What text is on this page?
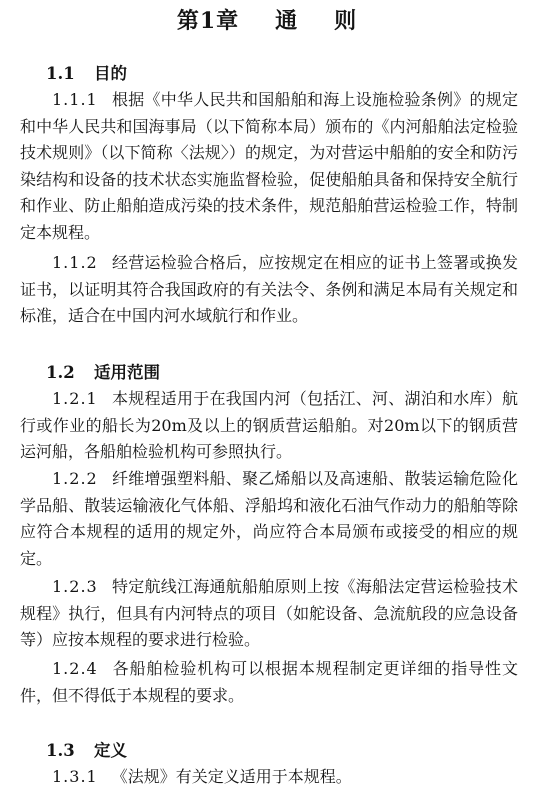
第1章 通 则
1.1 目的

1.1.1 根据《中华人民共和国船舶和海上设施检验条例》的规定和中华人民共和国海事局（以下简称本局）颁布的《内河船舶法定检验技术规则》（以下简称〈法规〉）的规定，为对营运中船舶的安全和防污染结构和设备的技术状态实施监督检验，促使船舶具备和保持安全航行和作业、防止船舶造成污染的技术条件，规范船舶营运检验工作，特制定本规程。

1.1.2 经营运检验合格后，应按规定在相应的证书上签署或换发证书，以证明其符合我国政府的有关法令、条例和满足本局有关规定和标准，适合在中国内河水域航行和作业。

1.2 适用范围

1.2.1 本规程适用于在我国内河（包括江、河、湖泊和水库）航行或作业的船长为20m及以上的钢质营运船舶。对20m以下的钢质营运河船，各船舶检验机构可参照执行。

1.2.2 纤维增强塑料船、聚乙烯船以及高速船、散装运输危险化学品船、散装运输液化气体船、浮船坞和液化石油气作动力的船舶等除应符合本规程的适用的规定外，尚应符合本局颁布或接受的相应的规定。

1.2.3 特定航线江海通航船舶原则上按《海船法定营运检验技术规程》执行，但具有内河特点的项目（如舵设备、急流航段的应急设备等）应按本规程的要求进行检验。

1.2.4 各船舶检验机构可以根据本规程制定更详细的指导性文件，但不得低于本规程的要求。

1.3 定义

1.3.1 《法规》有关定义适用于本规程。
